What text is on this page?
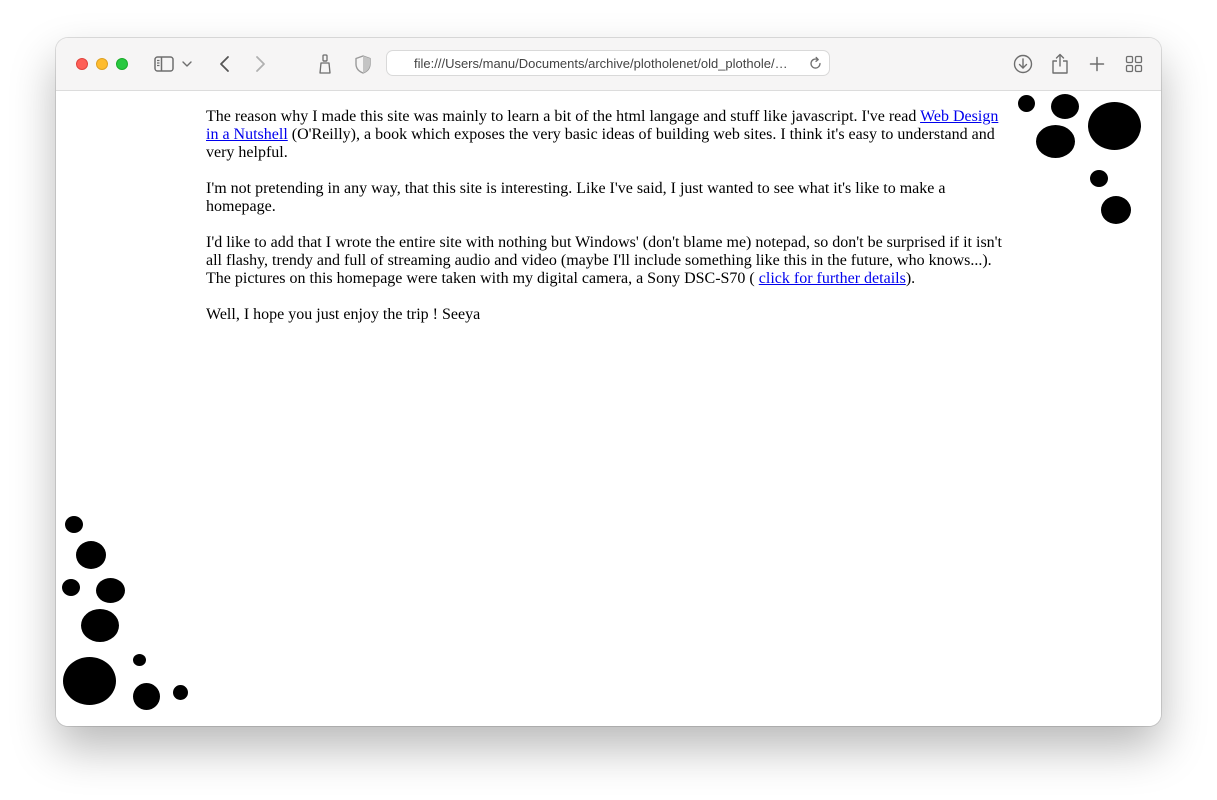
file:///Users/manu/Documents/archive/plotholenet/old_plothole/…

The reason why I made this site was mainly to learn a bit of the html langage and stuff like javascript. I've read Web Design in a Nutshell (O'Reilly), a book which exposes the very basic ideas of building web sites. I think it's easy to understand and very helpful.

I'm not pretending in any way, that this site is interesting. Like I've said, I just wanted to see what it's like to make a homepage.

I'd like to add that I wrote the entire site with nothing but Windows' (don't blame me) notepad, so don't be surprised if it isn't all flashy, trendy and full of streaming audio and video (maybe I'll include something like this in the future, who knows...). The pictures on this homepage were taken with my digital camera, a Sony DSC-S70 ( click for further details).

Well, I hope you just enjoy the trip ! Seeya
